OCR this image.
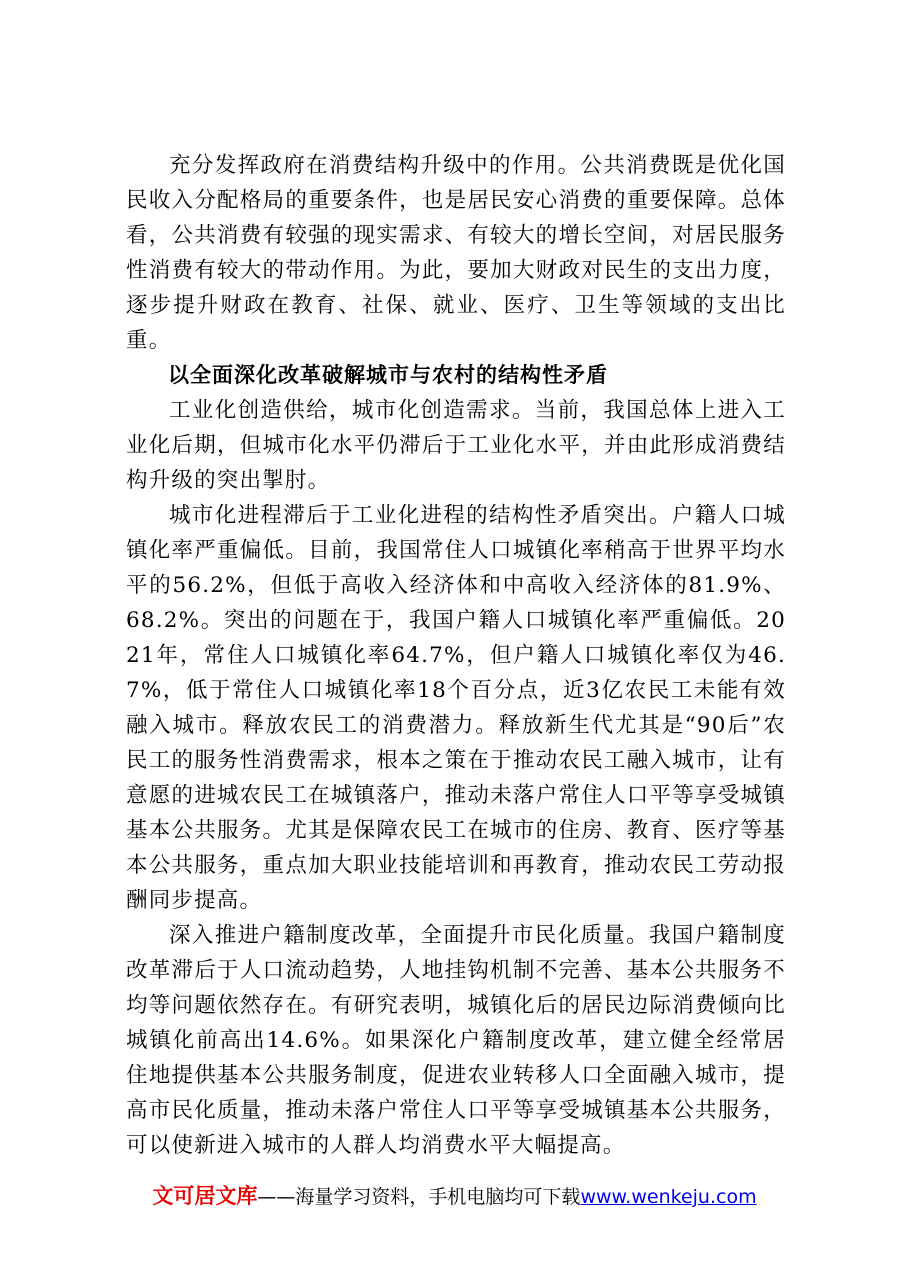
充分发挥政府在消费结构升级中的作用。公共消费既是优化国民收入分配格局的重要条件，也是居民安心消费的重要保障。总体看，公共消费有较强的现实需求、有较大的增长空间，对居民服务性消费有较大的带动作用。为此，要加大财政对民生的支出力度，逐步提升财政在教育、社保、就业、医疗、卫生等领域的支出比重。

以全面深化改革破解城市与农村的结构性矛盾

工业化创造供给，城市化创造需求。当前，我国总体上进入工业化后期，但城市化水平仍滞后于工业化水平，并由此形成消费结构升级的突出掣肘。

城市化进程滞后于工业化进程的结构性矛盾突出。户籍人口城镇化率严重偏低。目前，我国常住人口城镇化率稍高于世界平均水平的56.2%，但低于高收入经济体和中高收入经济体的81.9%、68.2%。突出的问题在于，我国户籍人口城镇化率严重偏低。2021年，常住人口城镇化率64.7%，但户籍人口城镇化率仅为46.7%，低于常住人口城镇化率18个百分点，近3亿农民工未能有效融入城市。释放农民工的消费潜力。释放新生代尤其是“90后”农民工的服务性消费需求，根本之策在于推动农民工融入城市，让有意愿的进城农民工在城镇落户，推动未落户常住人口平等享受城镇基本公共服务。尤其是保障农民工在城市的住房、教育、医疗等基本公共服务，重点加大职业技能培训和再教育，推动农民工劳动报酬同步提高。

深入推进户籍制度改革，全面提升市民化质量。我国户籍制度改革滞后于人口流动趋势，人地挂钩机制不完善、基本公共服务不均等问题依然存在。有研究表明，城镇化后的居民边际消费倾向比城镇化前高出14.6%。如果深化户籍制度改革，建立健全经常居住地提供基本公共服务制度，促进农业转移人口全面融入城市，提高市民化质量，推动未落户常住人口平等享受城镇基本公共服务，可以使新进入城市的人群人均消费水平大幅提高。

文可居文库——海量学习资料，手机电脑均可下载www.wenkeju.com
